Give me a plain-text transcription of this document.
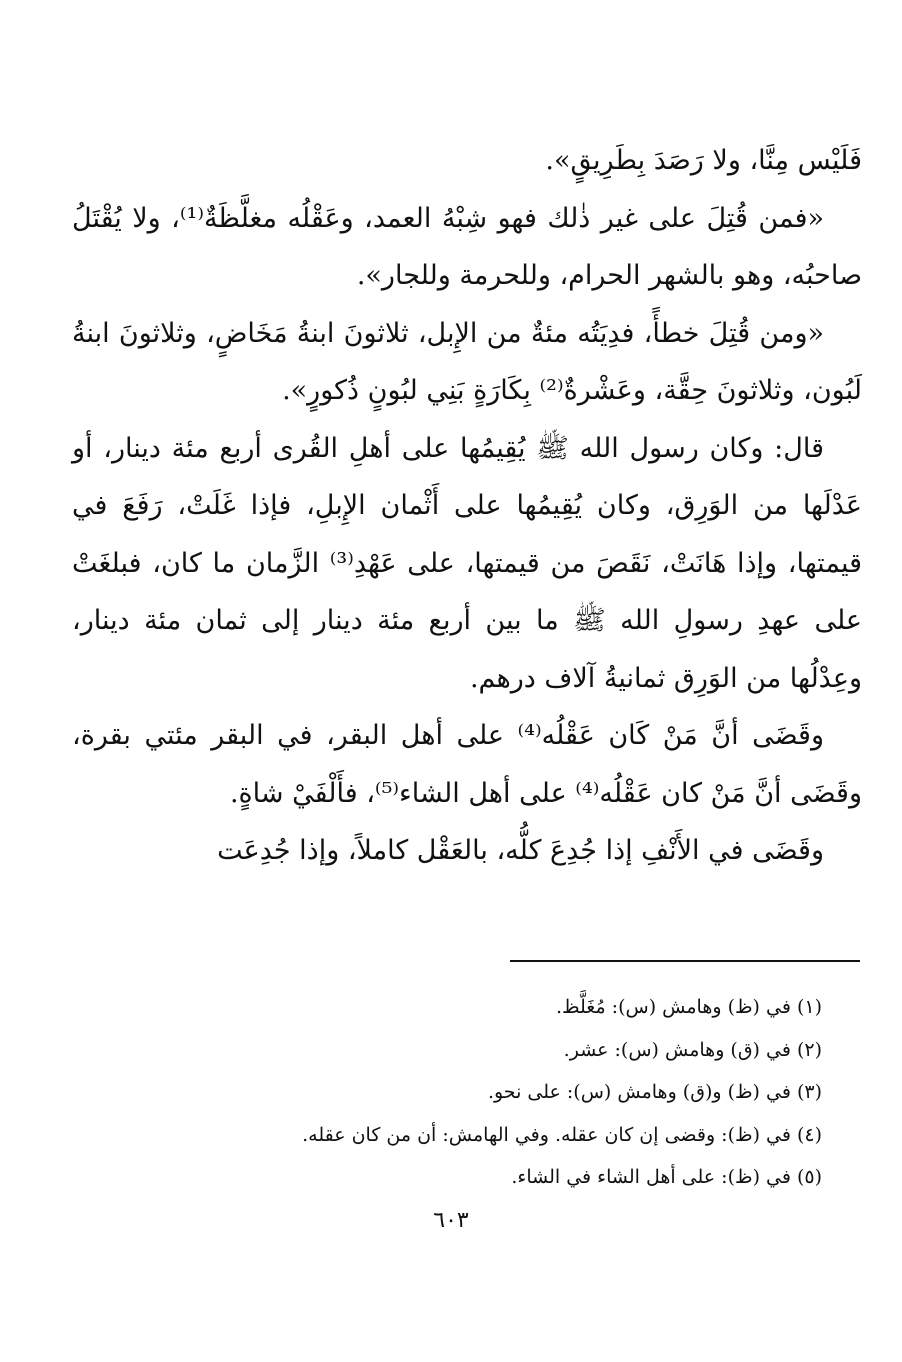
فَلَيْس مِنَّا، ولا رَصَدَ بِطَرِيقٍ».

«فمن قُتِلَ على غير ذٰلك فهو شِبْهُ العمد، وعَقْلُه مغلَّظَةٌ⁽¹⁾، ولا يُقْتَلُ صاحبُه، وهو بالشهر الحرام، وللحرمة وللجار».

«ومن قُتِلَ خطأً، فدِيَتُه مئةٌ من الإِبل، ثلاثونَ ابنةُ مَخَاضٍ، وثلاثونَ ابنةُ لَبُون، وثلاثونَ حِقَّة، وعَشْرةٌ⁽²⁾ بِكَارَةٍ بَنِي لبُونٍ ذُكورٍ».

قال: وكان رسول الله ﷺ يُقِيمُها على أهلِ القُرى أربع مئة دينار، أو عَدْلَها من الوَرِق، وكان يُقِيمُها على أَثْمان الإِبلِ، فإذا غَلَتْ، رَفَعَ في قيمتها، وإذا هَانَتْ، نَقَصَ من قيمتها، على عَهْدِ⁽³⁾ الزَّمان ما كان، فبلغَتْ على عهدِ رسولِ الله ﷺ ما بين أربع مئة دينار إلى ثمان مئة دينار، وعِدْلُها من الوَرِق ثمانيةُ آلاف درهم.

وقَضَى أنَّ مَنْ كَان عَقْلُه⁽⁴⁾ على أهل البقر، في البقر مئتي بقرة، وقَضَى أنَّ مَنْ كان عَقْلُه⁽⁴⁾ على أهل الشاء⁽⁵⁾، فأَلْفَيْ شاةٍ.

وقَضَى في الأَنْفِ إذا جُدِعَ كلُّه، بالعَقْل كاملاً، وإذا جُدِعَت

(١)في (ظ) وهامش (س): مُغَلَّظ.

(٢)في (ق) وهامش (س): عشر.

(٣)في (ظ) و(ق) وهامش (س): على نحو.

(٤)في (ظ): وقضى إن كان عقله. وفي الهامش: أن من كان عقله.

(٥)في (ظ): على أهل الشاء في الشاء.

٦٠٣
